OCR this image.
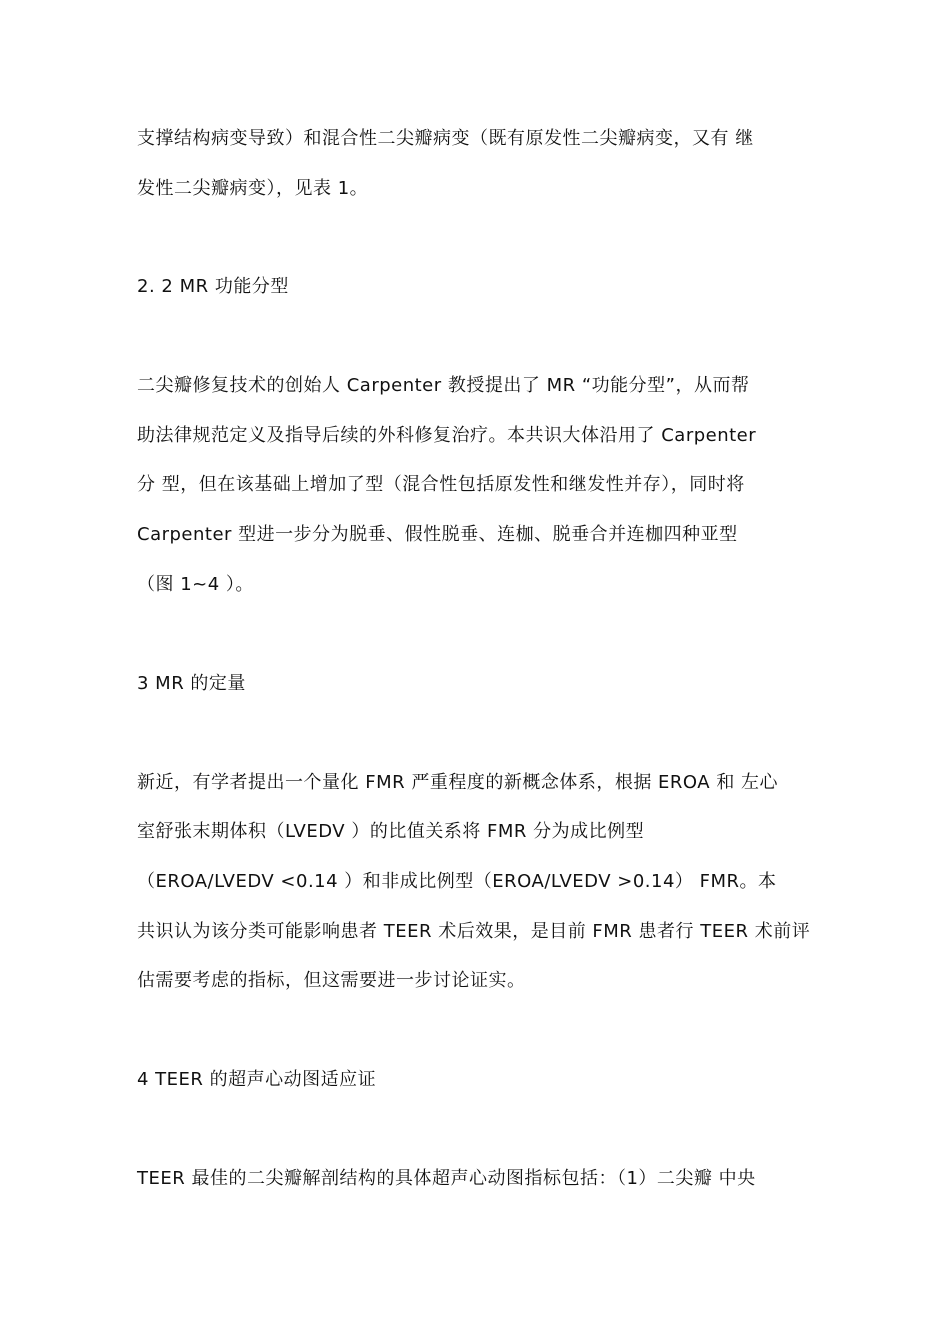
支撑结构病变导致）和混合性二尖瓣病变（既有原发性二尖瓣病变，又有 继
发性二尖瓣病变），见表 1。
2. 2 MR 功能分型
二尖瓣修复技术的创始人 Carpenter 教授提出了 MR “功能分型”，从而帮
助法律规范定义及指导后续的外科修复治疗。本共识大体沿用了 Carpenter
分 型，但在该基础上增加了型（混合性包括原发性和继发性并存），同时将
Carpenter 型进一步分为脱垂、假性脱垂、连枷、脱垂合并连枷四种亚型
（图 1~4 ）。
3 MR 的定量
新近，有学者提出一个量化 FMR 严重程度的新概念体系，根据 EROA 和 左心
室舒张末期体积（LVEDV ）的比值关系将 FMR 分为成比例型
（EROA/LVEDV <0.14 ）和非成比例型（EROA/LVEDV >0.14） FMR。本
共识认为该分类可能影响患者 TEER 术后效果，是目前 FMR 患者行 TEER 术前评
估需要考虑的指标，但这需要进一步讨论证实。
4 TEER 的超声心动图适应证
TEER 最佳的二尖瓣解剖结构的具体超声心动图指标包括：（1）二尖瓣 中央
